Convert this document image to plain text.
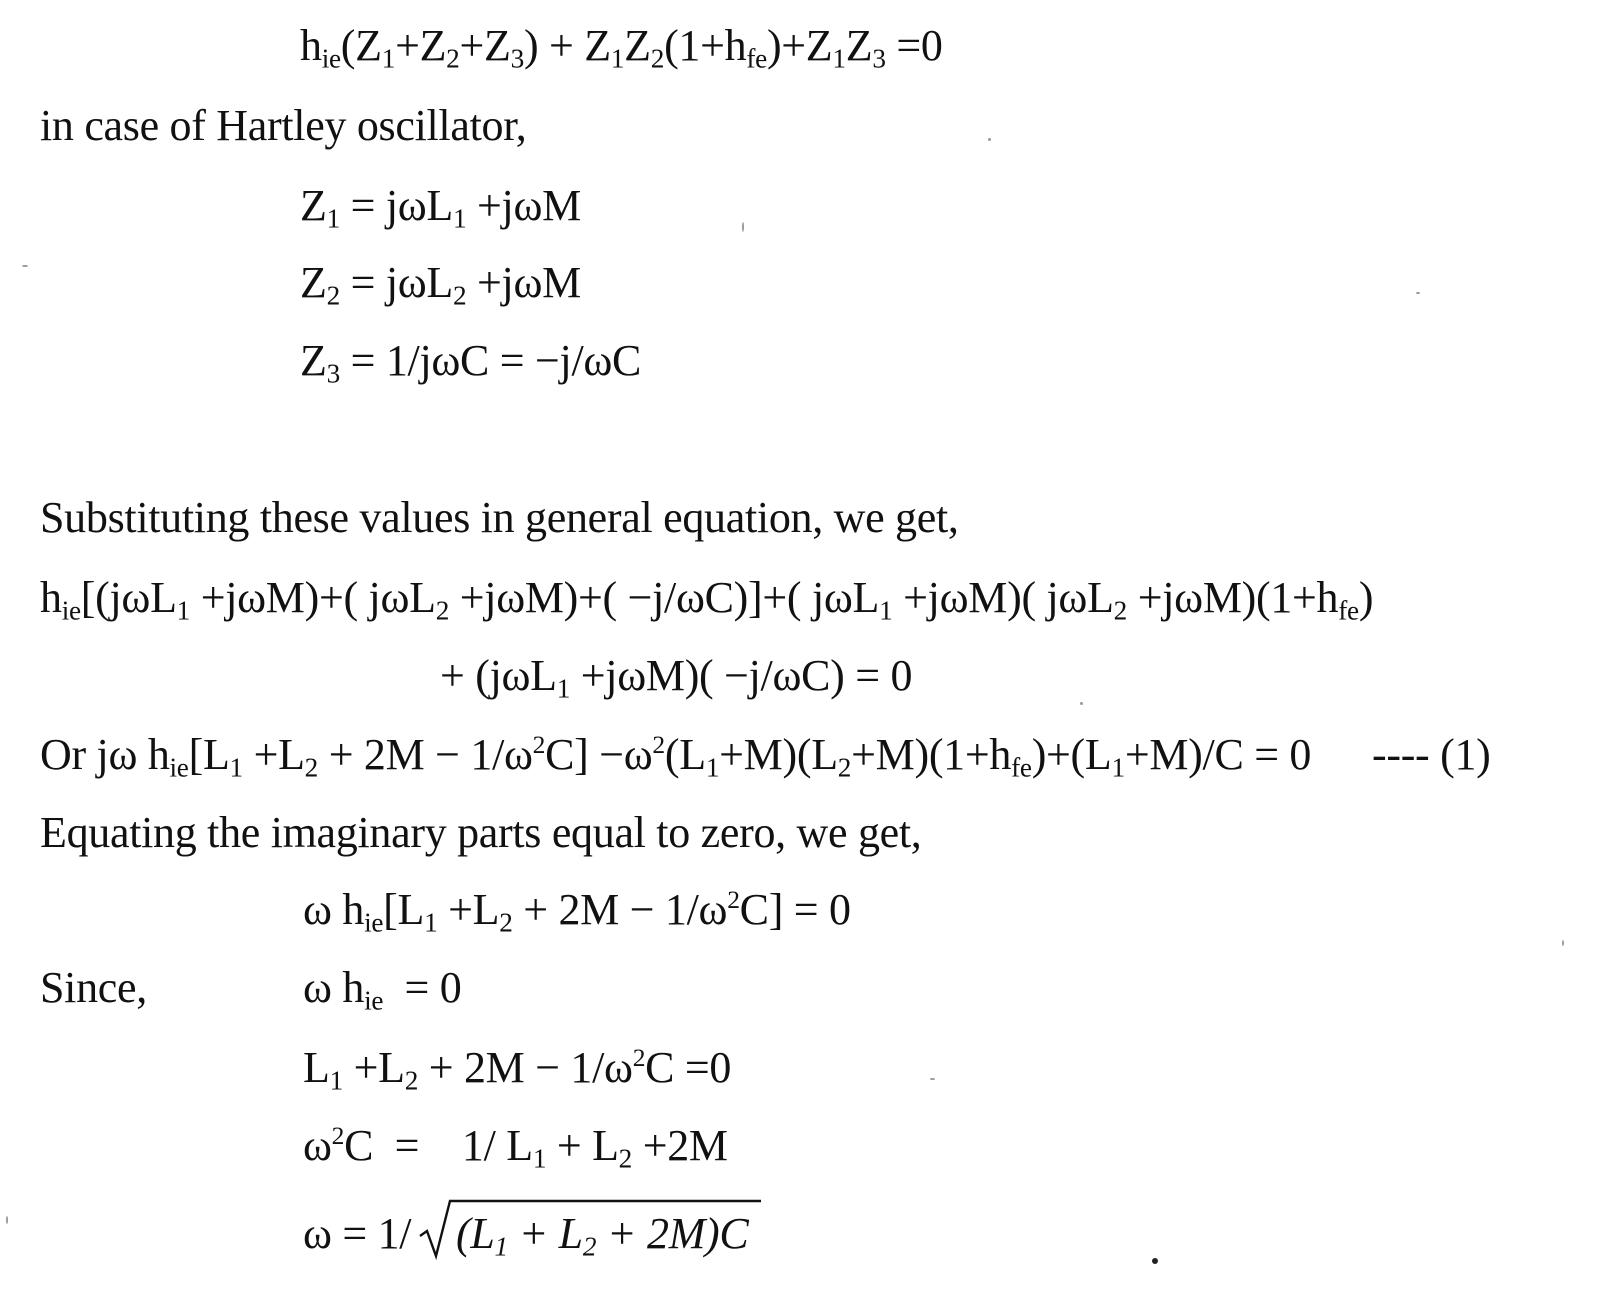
$h_{ie}(Z_1+Z_2+Z_3) + Z_1Z_2(1+h_{fe})+Z_1Z_3 =0$
in case of Hartley oscillator,
$Z_1 = j\omega L_1 +j\omega M$
$Z_2 = j\omega L_2 +j\omega M$
$Z_3 = 1/j\omega C = -j/\omega C$
Substituting these values in general equation, we get,
$h_{ie}[(j\omega L_1 +j\omega M)+$( jωL$_2$ +jωM)+( −j/ωC)]+( jωL$_1$ +jωM)( $j\omega L_2 +j\omega M)(1+h_{fe})$
+ (jωL$_1$ +jωM)( −j/ωC) = 0
Or jω $h_{ie}[L_1 +L_2 + 2M - 1/\omega^2C] -\omega^2(L_1+M)(L_2+M)(1+h_{fe})+(L_1+M)/C = 0$ ---- (1)
Equating the imaginary parts equal to zero, we get,
ω $h_{ie}[L_1 +L_2 + 2M - 1/\omega^2C] = 0$
Since,	ω $h_{ie} = 0$
$L_1 +L_2 + 2M - 1/\omega^2C =0$
$\omega^2C$  =    1/ $L_1 + L_2 +2M$
ω = 1/ $(L_1 + L_2 + 2M)C$
